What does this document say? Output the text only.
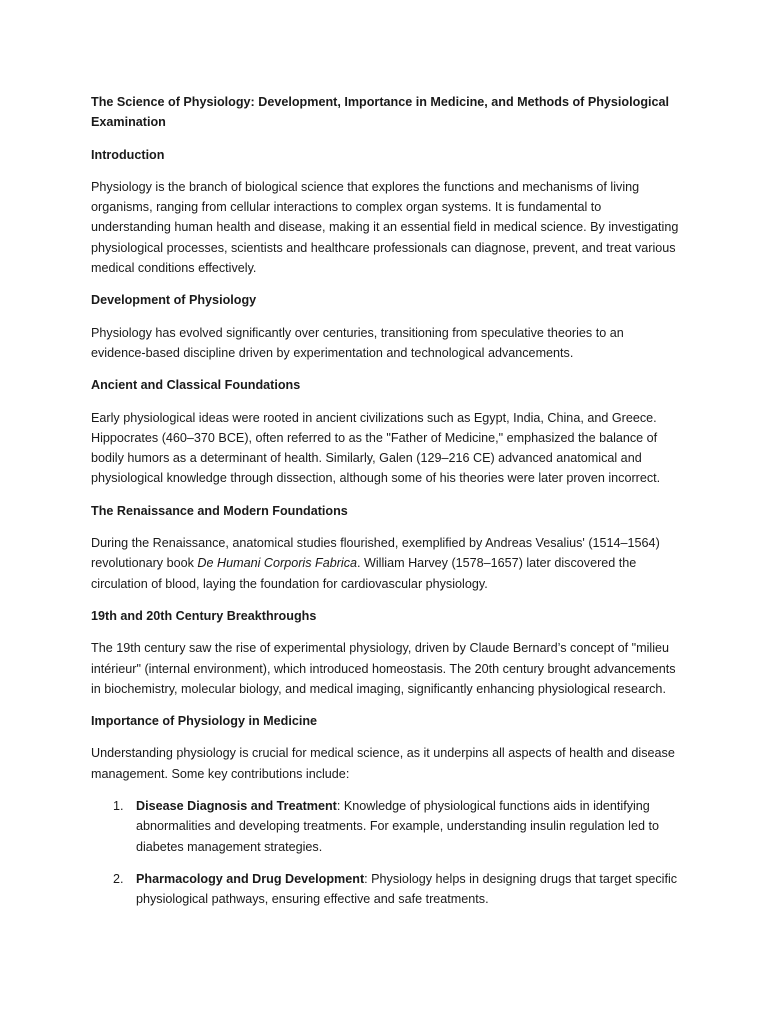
The Science of Physiology: Development, Importance in Medicine, and Methods of Physiological Examination

Introduction

Physiology is the branch of biological science that explores the functions and mechanisms of living organisms, ranging from cellular interactions to complex organ systems. It is fundamental to understanding human health and disease, making it an essential field in medical science. By investigating physiological processes, scientists and healthcare professionals can diagnose, prevent, and treat various medical conditions effectively.

Development of Physiology

Physiology has evolved significantly over centuries, transitioning from speculative theories to an evidence-based discipline driven by experimentation and technological advancements.

Ancient and Classical Foundations

Early physiological ideas were rooted in ancient civilizations such as Egypt, India, China, and Greece. Hippocrates (460–370 BCE), often referred to as the "Father of Medicine," emphasized the balance of bodily humors as a determinant of health. Similarly, Galen (129–216 CE) advanced anatomical and physiological knowledge through dissection, although some of his theories were later proven incorrect.

The Renaissance and Modern Foundations

During the Renaissance, anatomical studies flourished, exemplified by Andreas Vesalius' (1514–1564) revolutionary book De Humani Corporis Fabrica. William Harvey (1578–1657) later discovered the circulation of blood, laying the foundation for cardiovascular physiology.

19th and 20th Century Breakthroughs

The 19th century saw the rise of experimental physiology, driven by Claude Bernard’s concept of "milieu intérieur" (internal environment), which introduced homeostasis. The 20th century brought advancements in biochemistry, molecular biology, and medical imaging, significantly enhancing physiological research.

Importance of Physiology in Medicine

Understanding physiology is crucial for medical science, as it underpins all aspects of health and disease management. Some key contributions include:

1. Disease Diagnosis and Treatment: Knowledge of physiological functions aids in identifying abnormalities and developing treatments. For example, understanding insulin regulation led to diabetes management strategies.
2. Pharmacology and Drug Development: Physiology helps in designing drugs that target specific physiological pathways, ensuring effective and safe treatments.
